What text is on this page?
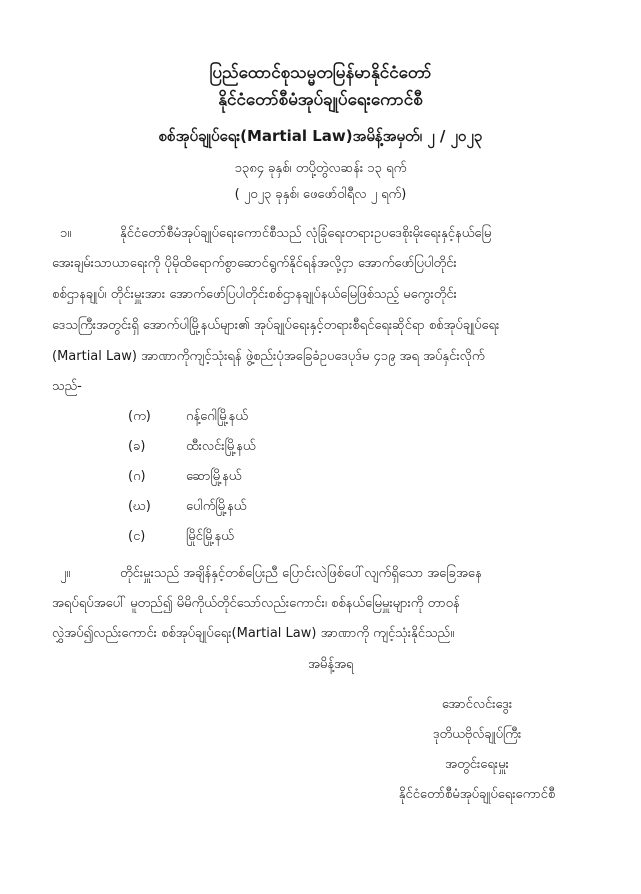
ပြည်ထောင်စုသမ္မတမြန်မာနိုင်ငံတော်
နိုင်ငံတော်စီမံအုပ်ချုပ်ရေးကောင်စီ
စစ်အုပ်ချုပ်ရေး(Martial Law)အမိန့်အမှတ်၊ ၂ / ၂၀၂၃
၁၃၈၄ ခုနှစ်၊ တပို့တွဲလဆန်း ၁၃ ရက်
( ၂၀၂၃ ခုနှစ်၊ ဖေဖော်ဝါရီလ ၂ ရက်)
၁။	နိုင်ငံတော်စီမံအုပ်ချုပ်ရေးကောင်စီသည် လုံခြုံရေးတရားဥပဒေစိုးမိုးရေးနှင့်နယ်မြေ
အေးချမ်းသာယာရေးကို ပိုမိုထိရောက်စွာဆောင်ရွက်နိုင်ရန်အလို့ငှာ အောက်ဖော်ပြပါတိုင်း
စစ်ဌာနချုပ်၊ တိုင်းမှူးအား အောက်ဖော်ပြပါတိုင်းစစ်ဌာနချုပ်နယ်မြေဖြစ်သည့် မကွေးတိုင်း
ဒေသကြီးအတွင်းရှိ အောက်ပါမြို့နယ်များ၏ အုပ်ချုပ်ရေးနှင့်တရားစီရင်ရေးဆိုင်ရာ စစ်အုပ်ချုပ်ရေး
(Martial Law) အာဏာကိုကျင့်သုံးရန် ဖွဲ့စည်းပုံအခြေခံဥပဒေပုဒ်မ ၄၁၉ အရ အပ်နှင်းလိုက်
သည်-
(က)	ဂန့်ဂေါမြို့နယ်
(ခ)	ထီးလင်းမြို့နယ်
(ဂ)	ဆောမြို့နယ်
(ဃ)	ပေါက်မြို့နယ်
(င)	မြိုင်မြို့နယ်
၂။	တိုင်းမှူးသည် အချိန်နှင့်တစ်ပြေးညီ ပြောင်းလဲဖြစ်ပေါ်လျက်ရှိသော အခြေအနေ
အရပ်ရပ်အပေါ် မူတည်၍ မိမိကိုယ်တိုင်သော်လည်းကောင်း၊ စစ်နယ်မြေမှူးများကို တာဝန်
လွှဲအပ်၍လည်းကောင်း စစ်အုပ်ချုပ်ရေး(Martial Law) အာဏာကို ကျင့်သုံးနိုင်သည်။
အမိန့်အရ
အောင်လင်းဒွေး
ဒုတိယဗိုလ်ချုပ်ကြီး
အတွင်းရေးမှူး
နိုင်ငံတော်စီမံအုပ်ချုပ်ရေးကောင်စီ
